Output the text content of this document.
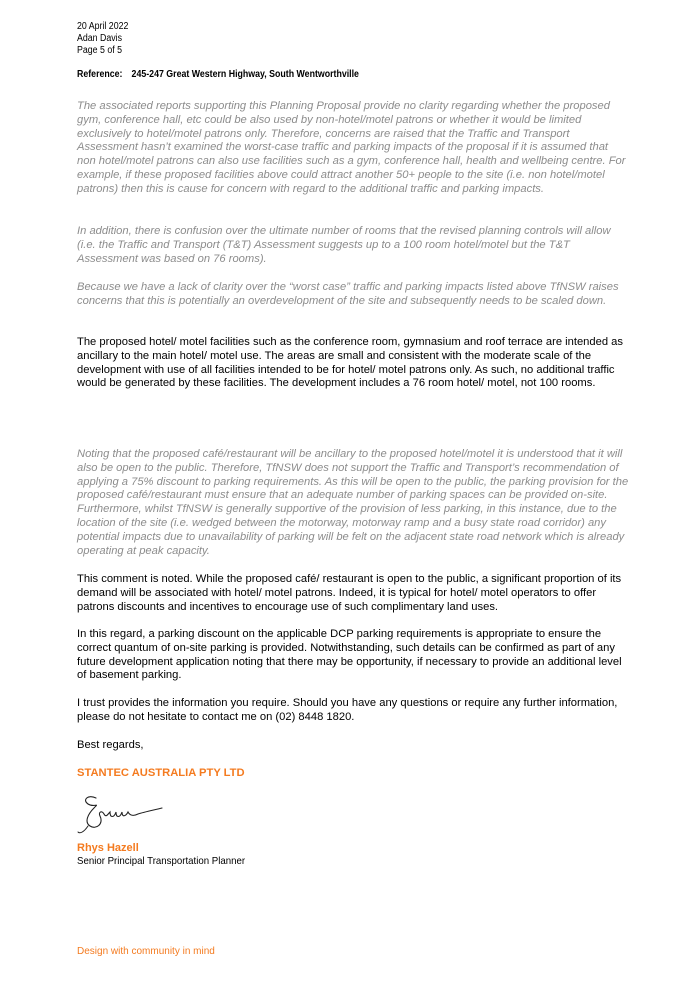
20 April 2022
Adan Davis
Page 5 of 5
Reference: 245-247 Great Western Highway, South Wentworthville
The associated reports supporting this Planning Proposal provide no clarity regarding whether the proposed gym, conference hall, etc could be also used by non-hotel/motel patrons or whether it would be limited exclusively to hotel/motel patrons only. Therefore, concerns are raised that the Traffic and Transport Assessment hasn’t examined the worst-case traffic and parking impacts of the proposal if it is assumed that non hotel/motel patrons can also use facilities such as a gym, conference hall, health and wellbeing centre. For example, if these proposed facilities above could attract another 50+ people to the site (i.e. non hotel/motel patrons) then this is cause for concern with regard to the additional traffic and parking impacts.
In addition, there is confusion over the ultimate number of rooms that the revised planning controls will allow (i.e. the Traffic and Transport (T&T) Assessment suggests up to a 100 room hotel/motel but the T&T Assessment was based on 76 rooms).
Because we have a lack of clarity over the “worst case” traffic and parking impacts listed above TfNSW raises concerns that this is potentially an overdevelopment of the site and subsequently needs to be scaled down.
The proposed hotel/ motel facilities such as the conference room, gymnasium and roof terrace are intended as ancillary to the main hotel/ motel use. The areas are small and consistent with the moderate scale of the development with use of all facilities intended to be for hotel/ motel patrons only. As such, no additional traffic would be generated by these facilities. The development includes a 76 room hotel/ motel, not 100 rooms.
Noting that the proposed café/restaurant will be ancillary to the proposed hotel/motel it is understood that it will also be open to the public. Therefore, TfNSW does not support the Traffic and Transport’s recommendation of applying a 75% discount to parking requirements. As this will be open to the public, the parking provision for the proposed café/restaurant must ensure that an adequate number of parking spaces can be provided on-site. Furthermore, whilst TfNSW is generally supportive of the provision of less parking, in this instance, due to the location of the site (i.e. wedged between the motorway, motorway ramp and a busy state road corridor) any potential impacts due to unavailability of parking will be felt on the adjacent state road network which is already operating at peak capacity.
This comment is noted. While the proposed café/ restaurant is open to the public, a significant proportion of its demand will be associated with hotel/ motel patrons. Indeed, it is typical for hotel/ motel operators to offer patrons discounts and incentives to encourage use of such complimentary land uses.
In this regard, a parking discount on the applicable DCP parking requirements is appropriate to ensure the correct quantum of on-site parking is provided. Notwithstanding, such details can be confirmed as part of any future development application noting that there may be opportunity, if necessary to provide an additional level of basement parking.
I trust provides the information you require. Should you have any questions or require any further information, please do not hesitate to contact me on (02) 8448 1820.
Best regards,
STANTEC AUSTRALIA PTY LTD
Rhys Hazell
Senior Principal Transportation Planner
Design with community in mind
